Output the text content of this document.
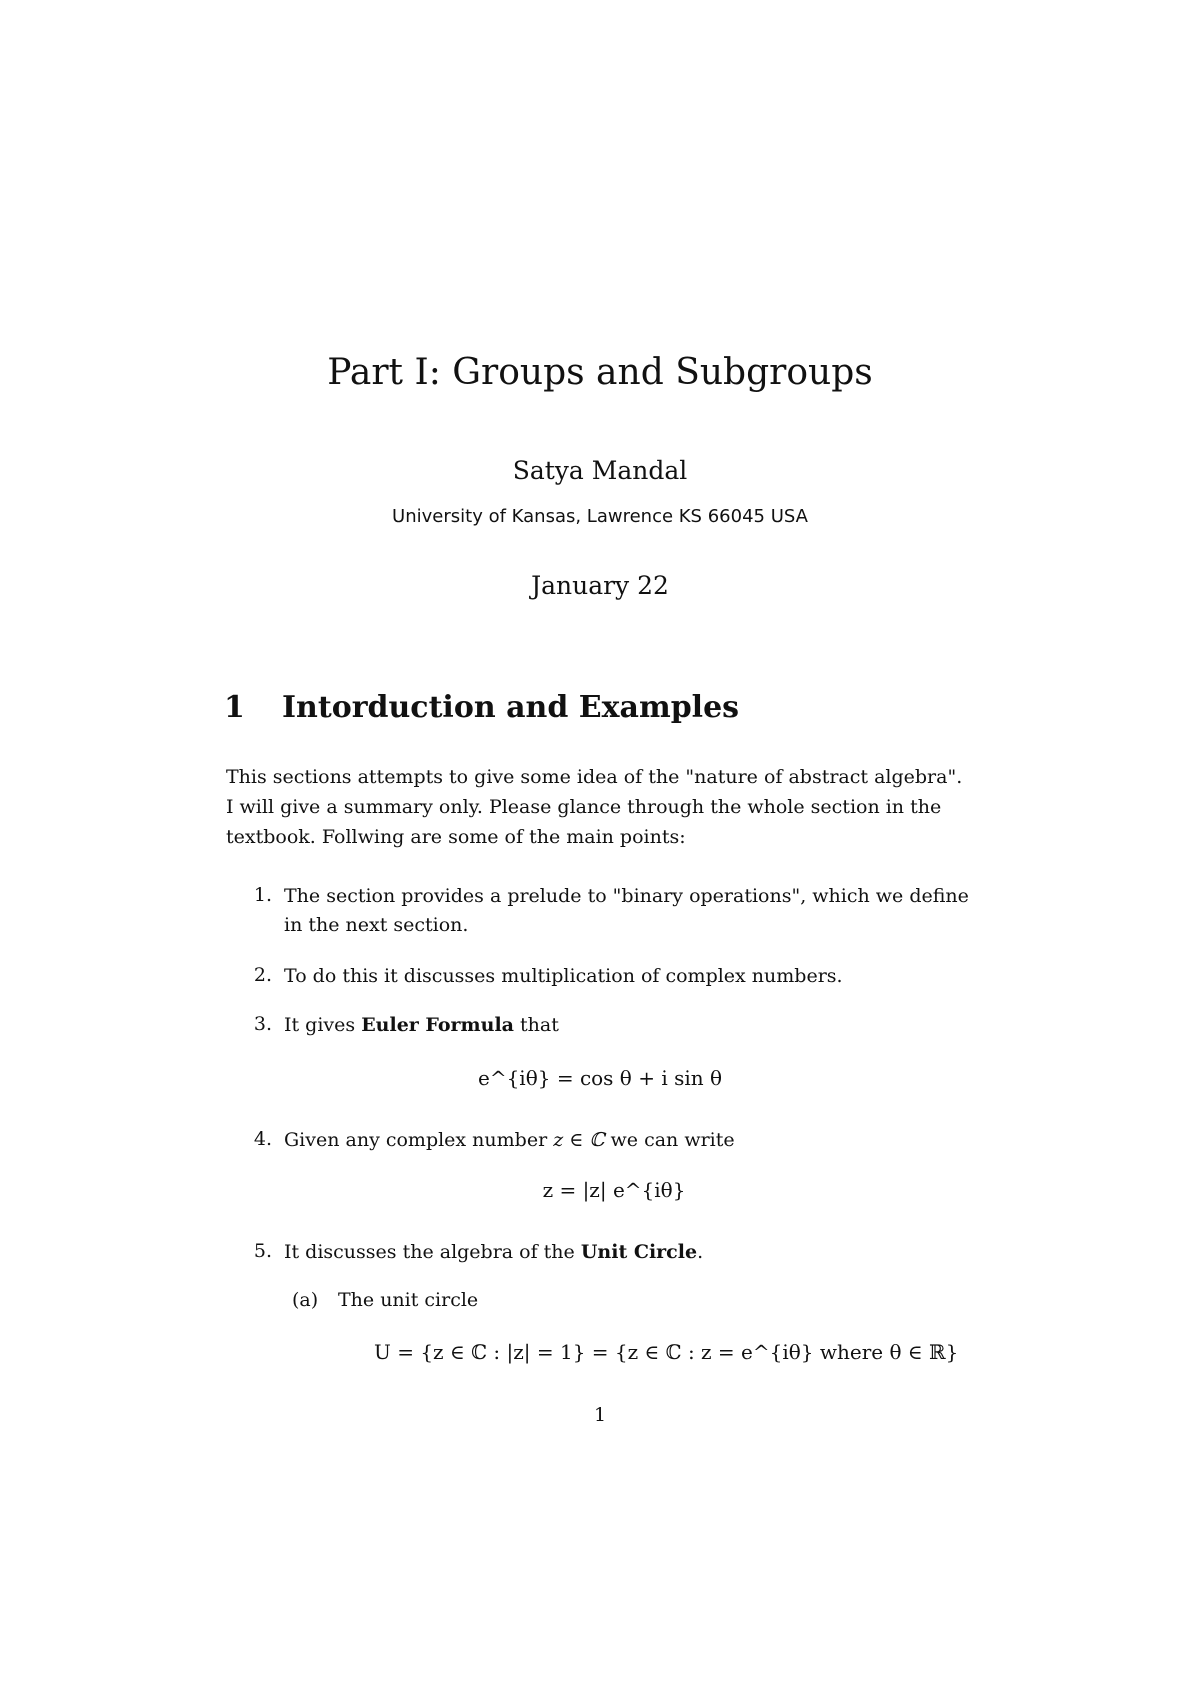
Part I: Groups and Subgroups
Satya Mandal
University of Kansas, Lawrence KS 66045 USA
January 22
1 Intorduction and Examples
This sections attempts to give some idea of the "nature of abstract algebra".
I will give a summary only. Please glance through the whole section in the
textbook. Follwing are some of the main points:
1. The section provides a prelude to "binary operations", which we define
in the next section.
2. To do this it discusses multiplication of complex numbers.
3. It gives Euler Formula that
e^{iθ} = cos θ + i sin θ
4. Given any complex number z ∈ ℂ we can write
z = |z| e^{iθ}
5. It discusses the algebra of the Unit Circle.
(a) The unit circle
U = {z ∈ ℂ : |z| = 1} = {z ∈ ℂ : z = e^{iθ} where θ ∈ ℝ}
1
